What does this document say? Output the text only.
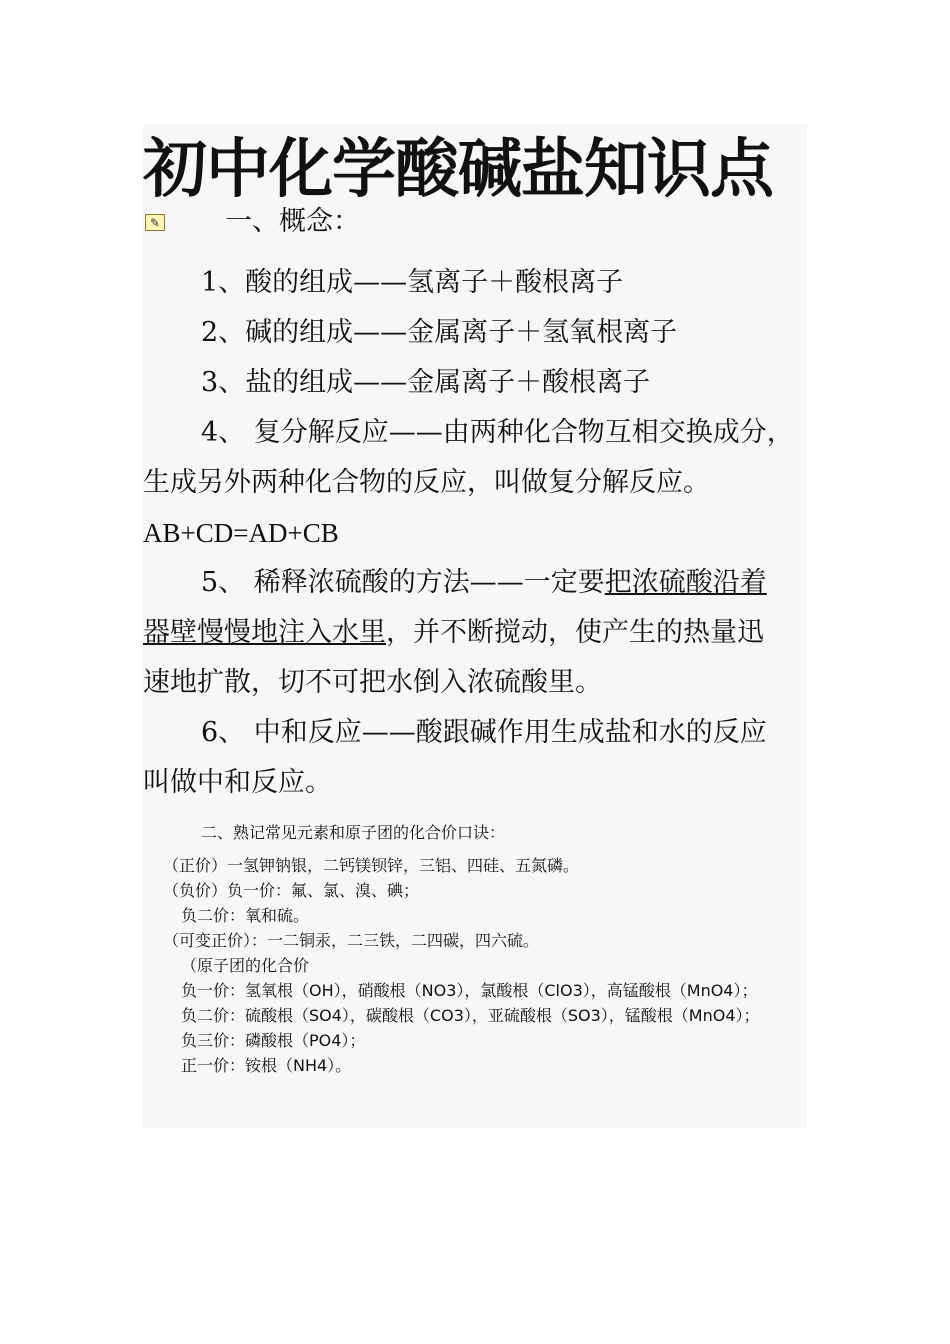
初中化学酸碱盐知识点
✎ 一、概念：
1、酸的组成——氢离子＋酸根离子
2、碱的组成——金属离子＋氢氧根离子
3、盐的组成——金属离子＋酸根离子
4、 复分解反应——由两种化合物互相交换成分，
生成另外两种化合物的反应，叫做复分解反应。
AB+CD=AD+CB
5、 稀释浓硫酸的方法——一定要把浓硫酸沿着
器壁慢慢地注入水里，并不断搅动，使产生的热量迅
速地扩散，切不可把水倒入浓硫酸里。
6、 中和反应——酸跟碱作用生成盐和水的反应
叫做中和反应。
二、熟记常见元素和原子团的化合价口诀：
（正价）一氢钾钠银，二钙镁钡锌，三铝、四硅、五氮磷。
（负价）负一价：氟、氯、溴、碘；
负二价：氧和硫。
（可变正价）：一二铜汞，二三铁，二四碳，四六硫。
（原子团的化合价
负一价：氢氧根（OH），硝酸根（NO3），氯酸根（ClO3），高锰酸根（MnO4）；
负二价：硫酸根（SO4），碳酸根（CO3），亚硫酸根（SO3），锰酸根（MnO4）；
负三价：磷酸根（PO4）；
正一价：铵根（NH4）。
